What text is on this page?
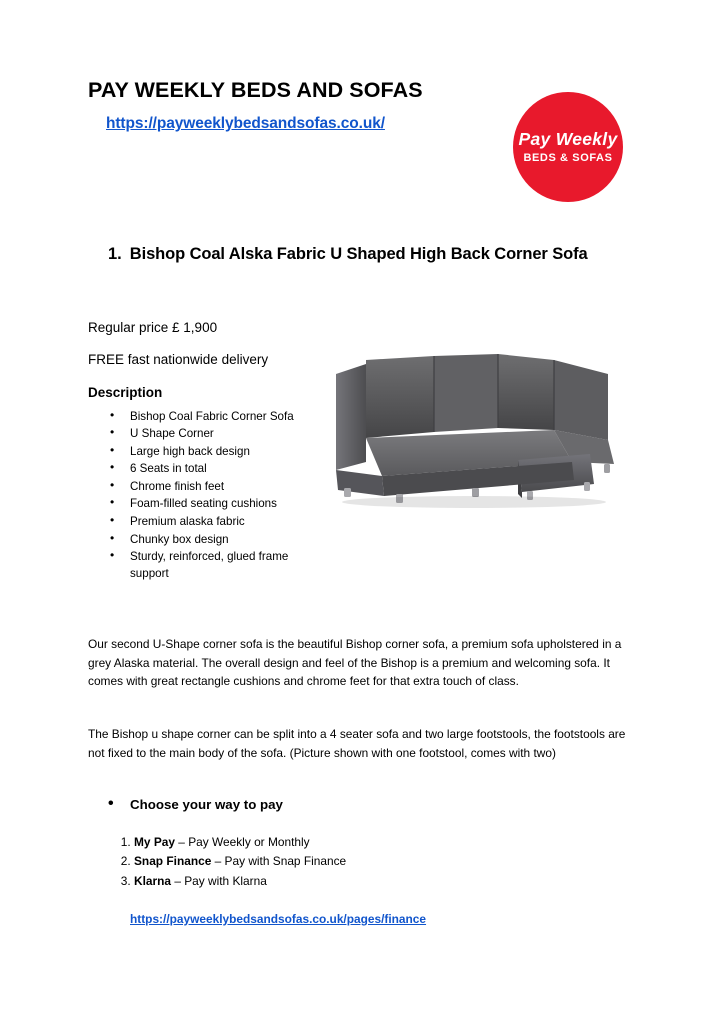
PAY WEEKLY BEDS AND SOFAS
https://payweeklybedsandsofas.co.uk/
Pay Weekly
BEDS & SOFAS
1. Bishop Coal Alska Fabric U Shaped High Back Corner Sofa

Regular price £ 1,900

FREE fast nationwide delivery

Description

• Bishop Coal Fabric Corner Sofa
• U Shape Corner
• Large high back design
• 6 Seats in total
• Chrome finish feet
• Foam-filled seating cushions
• Premium alaska fabric
• Chunky box design
• Sturdy, reinforced, glued frame support

Our second U-Shape corner sofa is the beautiful Bishop corner sofa, a premium sofa upholstered in a grey Alaska material. The overall design and feel of the Bishop is a premium and welcoming sofa. It comes with great rectangle cushions and chrome feet for that extra touch of class.

The Bishop u shape corner can be split into a 4 seater sofa and two large footstools, the footstools are not fixed to the main body of the sofa. (Picture shown with one footstool, comes with two)

• Choose your way to pay
1. My Pay – Pay Weekly or Monthly
2. Snap Finance – Pay with Snap Finance
3. Klarna – Pay with Klarna
https://payweeklybedsandsofas.co.uk/pages/finance
